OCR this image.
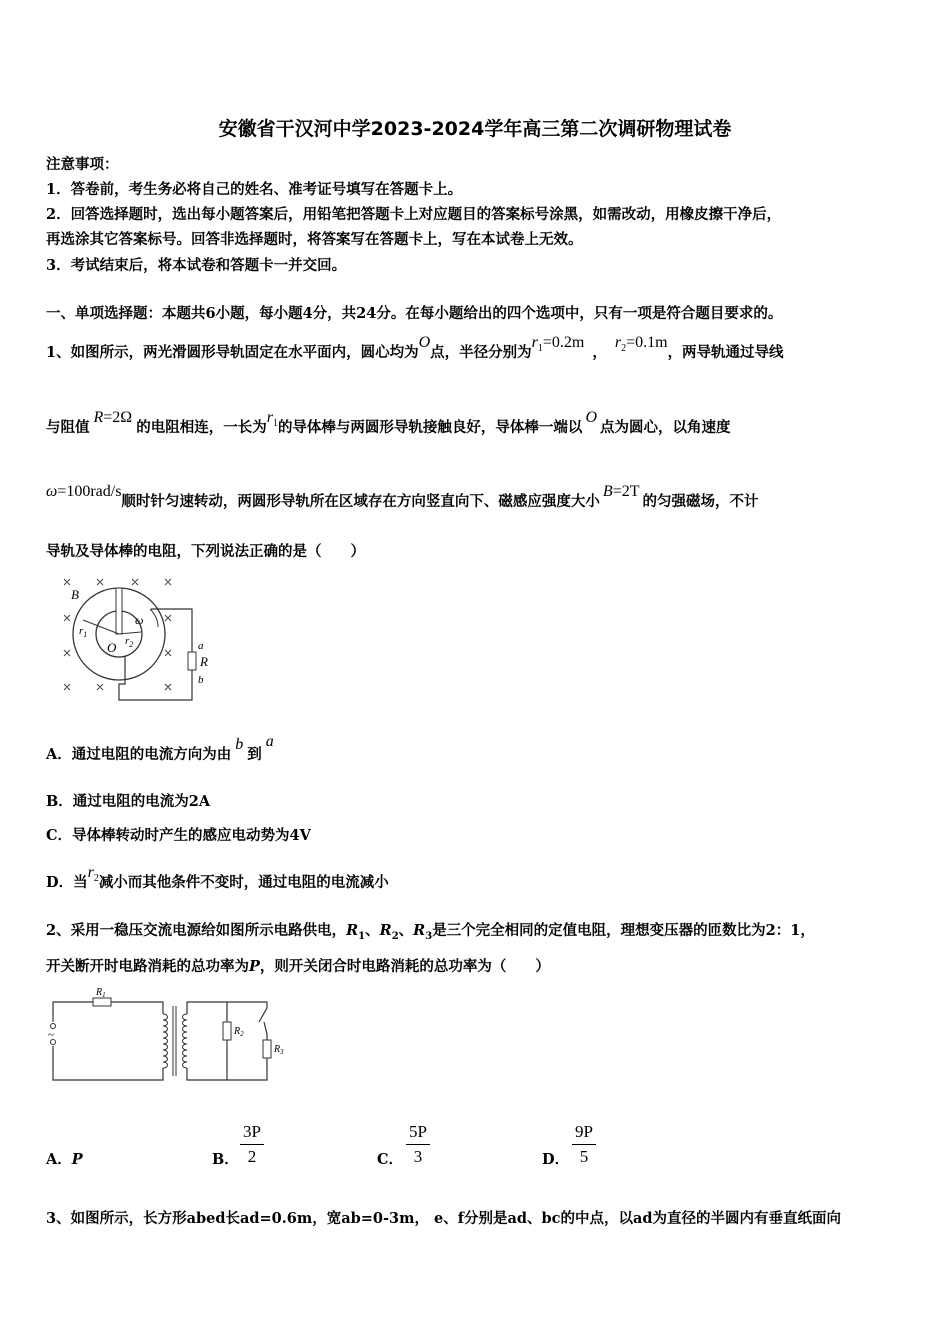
安徽省干汉河中学2023-2024学年高三第二次调研物理试卷
注意事项：
1．答卷前，考生务必将自己的姓名、准考证号填写在答题卡上。
2．回答选择题时，选出每小题答案后，用铅笔把答题卡上对应题目的答案标号涂黑，如需改动，用橡皮擦干净后，
再选涂其它答案标号。回答非选择题时，将答案写在答题卡上，写在本试卷上无效。
3．考试结束后，将本试卷和答题卡一并交回。
一、单项选择题：本题共6小题，每小题4分，共24分。在每小题给出的四个选项中，只有一项是符合题目要求的。
1、如图所示，两光滑圆形导轨固定在水平面内，圆心均为O点，半径分别为$r_1=0.2m$，$r_2=0.1m$，两导轨通过导线
与阻值R=2Ω的电阻相连，一长为$r_1$的导体棒与两圆形导轨接触良好，导体棒一端以O点为圆心，以角速度
ω=100rad/s顺时针匀速转动，两圆形导轨所在区域存在方向竖直向下、磁感应强度大小B=2T的匀强磁场，不计
导轨及导体棒的电阻，下列说法正确的是（　　）
B
$r_1$
$r_2$
O
ω
a
R
b
A．通过电阻的电流方向为由b到a
B．通过电阻的电流为2A
C．导体棒转动时产生的感应电动势为4V
D．当$r_2$减小而其他条件不变时，通过电阻的电流减小
2、采用一稳压交流电源给如图所示电路供电，$R_1$、$R_2$、$R_3$是三个完全相同的定值电阻，理想变压器的匝数比为2：1，
开关断开时电路消耗的总功率为P，则开关闭合时电路消耗的总功率为（　　）
~
$R_1$
$R_2$
$R_3$
A．P	B． $\frac{3P}{2}$	C． $\frac{5P}{3}$	D． $\frac{9P}{5}$
3、如图所示，长方形abed长ad=0.6m，宽ab=0-3m， e、f分别是ad、bc的中点，以ad为直径的半圆内有垂直纸面向
